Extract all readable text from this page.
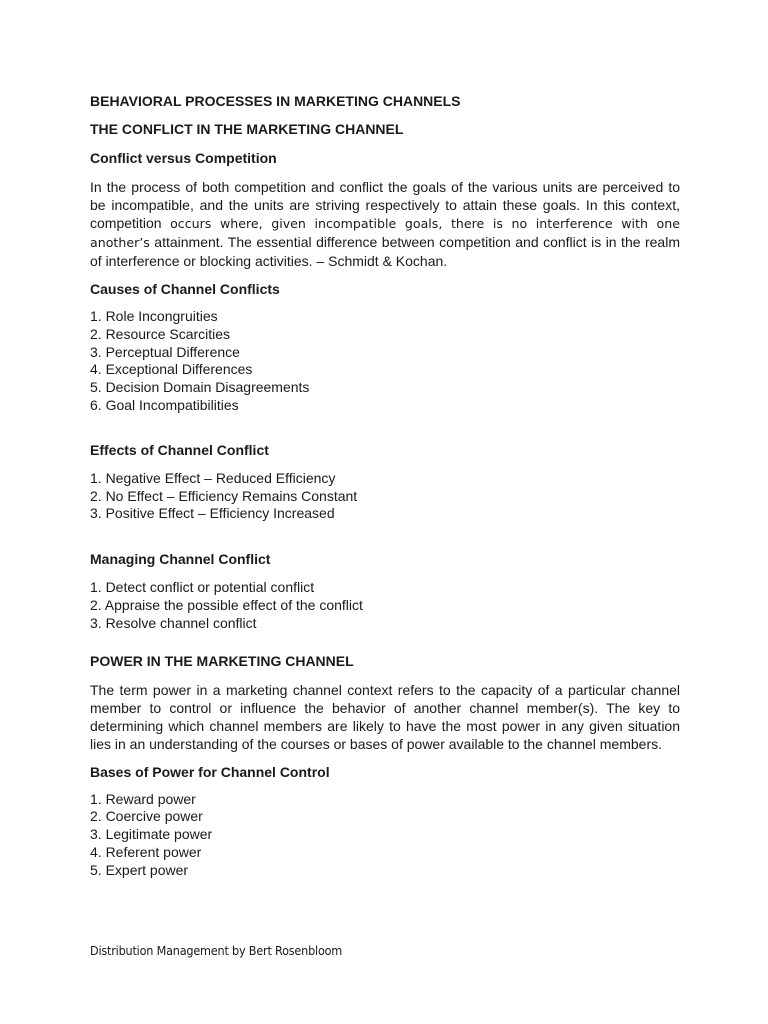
BEHAVIORAL PROCESSES IN MARKETING CHANNELS
THE CONFLICT IN THE MARKETING CHANNEL
Conflict versus Competition

In the process of both competition and conflict the goals of the various units are perceived to be incompatible, and the units are striving respectively to attain these goals. In this context, competition occurs where, given incompatible goals, there is no interference with one another’s attainment. The essential difference between competition and conflict is in the realm of interference or blocking activities. – Schmidt & Kochan.

Causes of Channel Conflicts
1. Role Incongruities
2. Resource Scarcities
3. Perceptual Difference
4. Exceptional Differences
5. Decision Domain Disagreements
6. Goal Incompatibilities
Effects of Channel Conflict
1. Negative Effect – Reduced Efficiency
2. No Effect – Efficiency Remains Constant
3. Positive Effect – Efficiency Increased
Managing Channel Conflict
1. Detect conflict or potential conflict
2. Appraise the possible effect of the conflict
3. Resolve channel conflict
POWER IN THE MARKETING CHANNEL

The term power in a marketing channel context refers to the capacity of a particular channel member to control or influence the behavior of another channel member(s). The key to determining which channel members are likely to have the most power in any given situation lies in an understanding of the courses or bases of power available to the channel members.

Bases of Power for Channel Control
1. Reward power
2. Coercive power
3. Legitimate power
4. Referent power
5. Expert power
Distribution Management by Bert Rosenbloom
